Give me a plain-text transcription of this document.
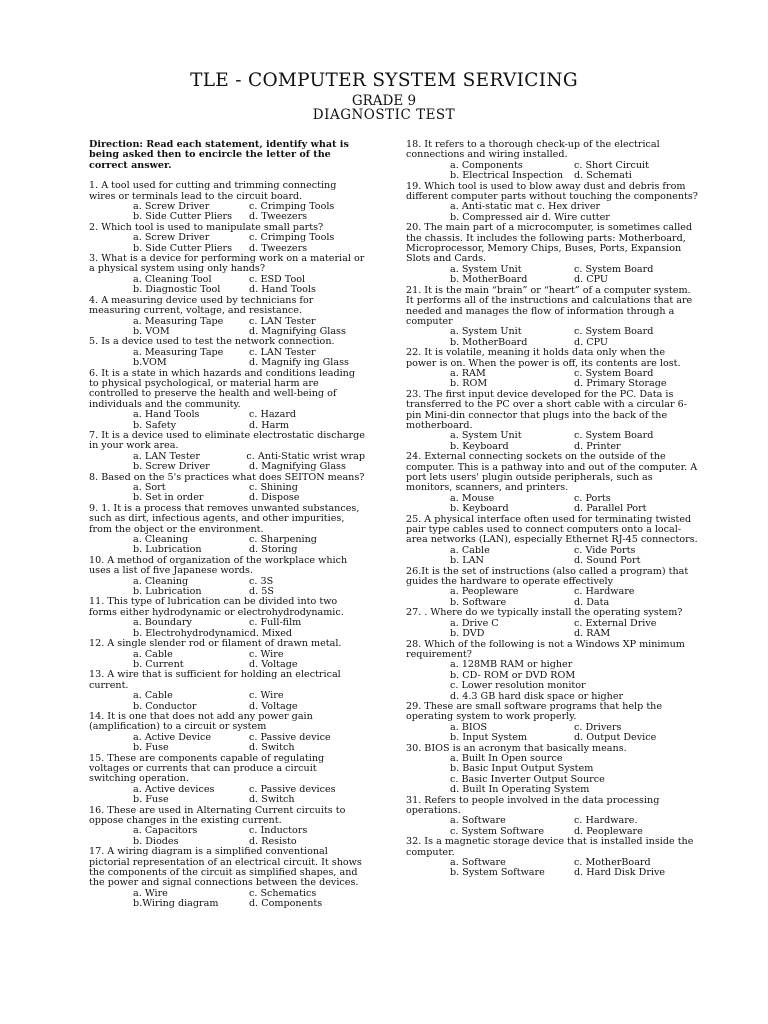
TLE - COMPUTER SYSTEM SERVICING
GRADE 9
DIAGNOSTIC TEST
Direction: Read each statement, identify what is being asked then to encircle the letter of the correct answer.
1. A tool used for cutting and trimming connecting wires or terminals lead to the circuit board.
a. Screw Driver	c. Crimping Tools
b. Side Cutter Pliers	d. Tweezers
2. Which tool is used to manipulate small parts?
a. Screw Driver	c. Crimping Tools
b. Side Cutter Pliers	d. Tweezers
3. What is a device for performing work on a material or a physical system using only hands?
a. Cleaning Tool	c. ESD Tool
b. Diagnostic Tool	d. Hand Tools
4. A measuring device used by technicians for measuring current, voltage, and resistance.
a. Measuring Tape	c. LAN Tester
b. VOM	d. Magnifying Glass
5. Is a device used to test the network connection.
a. Measuring Tape	c. LAN Tester
b.VOM	d. Magnify ing Glass
6. It is a state in which hazards and conditions leading to physical psychological, or material harm are controlled to preserve the health and well-being of individuals and the community.
a. Hand Tools	c. Hazard
b. Safety	d. Harm
7. It is a device used to eliminate electrostatic discharge in your work area.
a. LAN Tester	c. Anti-Static wrist wrap
b. Screw Driver	d. Magnifying Glass
8. Based on the 5's practices what does SEITON means?
a. Sort	c. Shining
b. Set in order	d. Dispose
9. 1. It is a process that removes unwanted substances, such as dirt, infectious agents, and other impurities, from the object or the environment.
a. Cleaning	c. Sharpening
b. Lubrication	d. Storing
10. A method of organization of the workplace which uses a list of five Japanese words.
a. Cleaning	c. 3S
b. Lubrication	d. 5S
11. This type of lubrication can be divided into two forms either hydrodynamic or electrohydrodynamic.
a. Boundary	c. Full-film
b. Electrohydrodynamic d. Mixed
12. A single slender rod or filament of drawn metal.
a. Cable	c. Wire
b. Current	d. Voltage
13. A wire that is sufficient for holding an electrical current.
a. Cable	c. Wire
b. Conductor	d. Voltage
14. It is one that does not add any power gain (amplification) to a circuit or system
a. Active Device	c. Passive device
b. Fuse	d. Switch
15. These are components capable of regulating voltages or currents that can produce a circuit switching operation.
a. Active devices	c. Passive devices
b. Fuse	d. Switch
16. These are used in Alternating Current circuits to oppose changes in the existing current.
a. Capacitors	c. Inductors
b. Diodes	d. Resisto
17. A wiring diagram is a simplified conventional pictorial representation of an electrical circuit. It shows the components of the circuit as simplified shapes, and the power and signal connections between the devices.
a. Wire	c. Schematics
b.Wiring diagram	d. Components
18. It refers to a thorough check-up of the electrical connections and wiring installed.
a. Components	c. Short Circuit
b. Electrical Inspection	d. Schemati
19. Which tool is used to blow away dust and debris from different computer parts without touching the components?
a. Anti-static mat c. Hex driver
b. Compressed air d. Wire cutter
20. The main part of a microcomputer, is sometimes called the chassis. It includes the following parts: Motherboard, Microprocessor, Memory Chips, Buses, Ports, Expansion Slots and Cards.
a. System Unit	c. System Board
b. MotherBoard	d. CPU
21. It is the main “brain” or “heart” of a computer system. It performs all of the instructions and calculations that are needed and manages the flow of information through a computer
a. System Unit	c. System Board
b. MotherBoard	d. CPU
22. It is volatile, meaning it holds data only when the power is on. When the power is off, its contents are lost.
a. RAM	c. System Board
b. ROM	d. Primary Storage
23. The first input device developed for the PC. Data is transferred to the PC over a short cable with a circular 6-pin Mini-din connector that plugs into the back of the motherboard.
a. System Unit	c. System Board
b. Keyboard	d. Printer
24. External connecting sockets on the outside of the computer. This is a pathway into and out of the computer. A port lets users' plugin outside peripherals, such as monitors, scanners, and printers.
a. Mouse	c. Ports
b. Keyboard	d. Parallel Port
25. A physical interface often used for terminating twisted pair type cables used to connect computers onto a local-area networks (LAN), especially Ethernet RJ-45 connectors.
a. Cable	c. Vide Ports
b. LAN	d. Sound Port
26.It is the set of instructions (also called a program) that guides the hardware to operate effectively
a. Peopleware	c. Hardware
b. Software	d. Data
27. . Where do we typically install the operating system?
a. Drive C	c. External Drive
b. DVD	d. RAM
28. Which of the following is not a Windows XP minimum requirement?
a. 128MB RAM or higher
b. CD- ROM or DVD ROM
c. Lower resolution monitor
d. 4.3 GB hard disk space or higher
29. These are small software programs that help the operating system to work properly.
a. BIOS	c. Drivers
b. Input System	d. Output Device
30. BIOS is an acronym that basically means.
a. Built In Open source
b. Basic Input Output System
c. Basic Inverter Output Source
d. Built In Operating System
31. Refers to people involved in the data processing operations.
a. Software	c. Hardware.
c. System Software	d. Peopleware
32. Is a magnetic storage device that is installed inside the computer.
a. Software	c. MotherBoard
b. System Software	d. Hard Disk Drive
